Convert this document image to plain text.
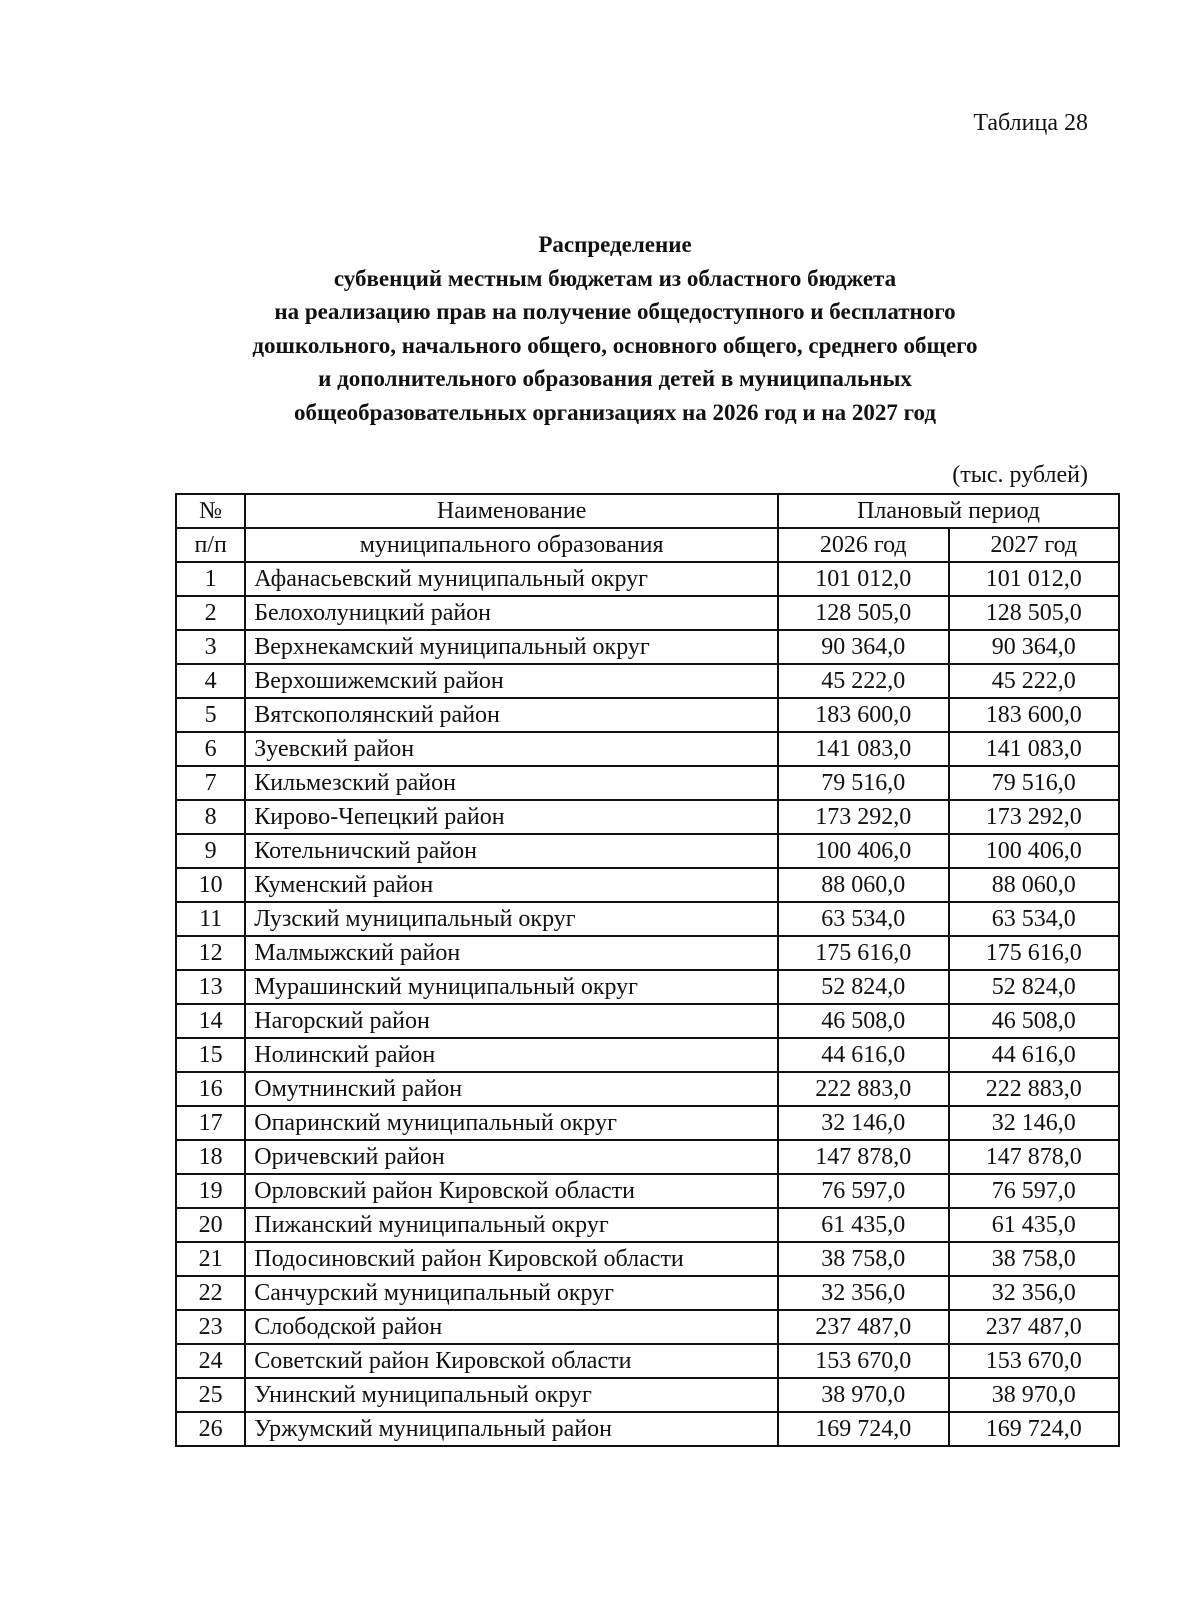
Таблица 28
Распределение
субвенций местным бюджетам из областного бюджета
на реализацию прав на получение общедоступного и бесплатного
дошкольного, начального общего, основного общего, среднего общего
и дополнительного образования детей в муниципальных
общеобразовательных организациях на 2026 год и на 2027 год
(тыс. рублей)
№	Наименование	Плановый период	
п/п	муниципального образования	2026 год	2027 год
1	Афанасьевский муниципальный округ	101 012,0	101 012,0
2	Белохолуницкий район	128 505,0	128 505,0
3	Верхнекамский муниципальный округ	90 364,0	90 364,0
4	Верхошижемский район	45 222,0	45 222,0
5	Вятскополянский район	183 600,0	183 600,0
6	Зуевский район	141 083,0	141 083,0
7	Кильмезский район	79 516,0	79 516,0
8	Кирово-Чепецкий район	173 292,0	173 292,0
9	Котельничский район	100 406,0	100 406,0
10	Куменский район	88 060,0	88 060,0
11	Лузский муниципальный округ	63 534,0	63 534,0
12	Малмыжский район	175 616,0	175 616,0
13	Мурашинский муниципальный округ	52 824,0	52 824,0
14	Нагорский район	46 508,0	46 508,0
15	Нолинский район	44 616,0	44 616,0
16	Омутнинский район	222 883,0	222 883,0
17	Опаринский муниципальный округ	32 146,0	32 146,0
18	Оричевский район	147 878,0	147 878,0
19	Орловский район Кировской области	76 597,0	76 597,0
20	Пижанский муниципальный округ	61 435,0	61 435,0
21	Подосиновский район Кировской области	38 758,0	38 758,0
22	Санчурский муниципальный округ	32 356,0	32 356,0
23	Слободской район	237 487,0	237 487,0
24	Советский район Кировской области	153 670,0	153 670,0
25	Унинский муниципальный округ	38 970,0	38 970,0
26	Уржумский муниципальный район	169 724,0	169 724,0
